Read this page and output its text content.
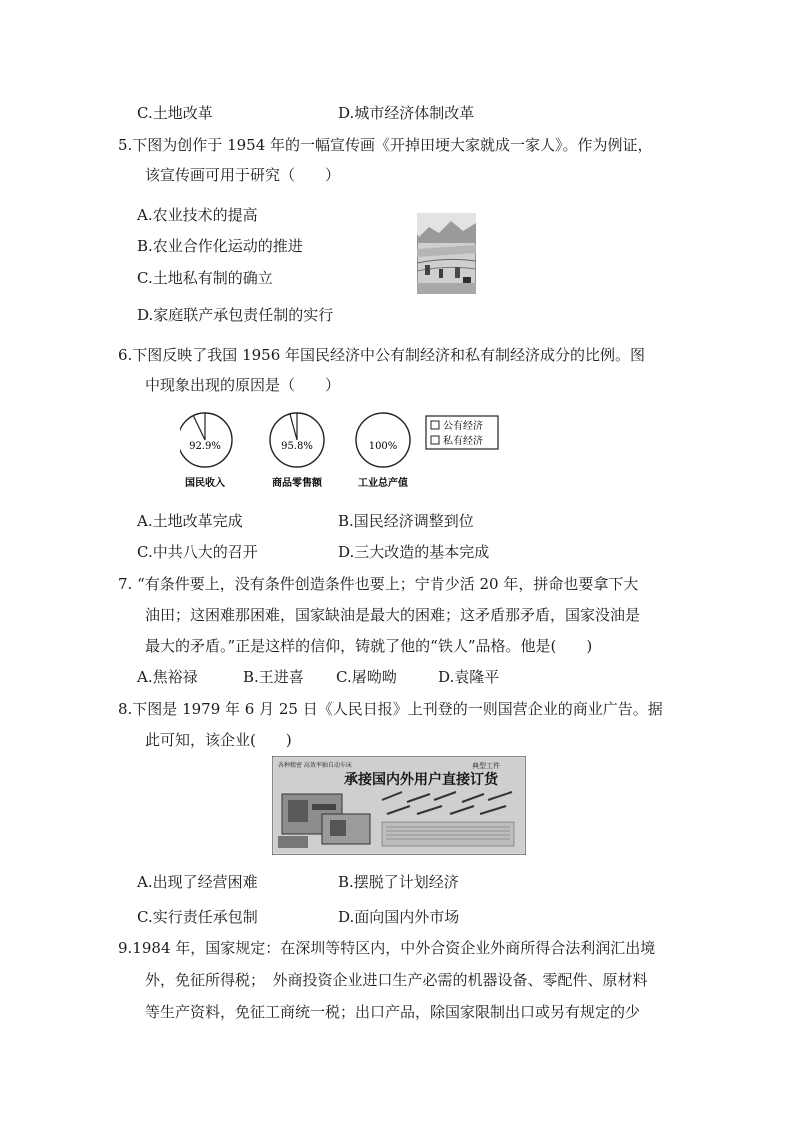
C.土地改革	D.城市经济体制改革
5.下图为创作于 1954 年的一幅宣传画《开掉田埂大家就成一家人》。作为例证，
该宣传画可用于研究（　　）
A.农业技术的提高
B.农业合作化运动的推进
C.土地私有制的确立
D.家庭联产承包责任制的实行
6.下图反映了我国 1956 年国民经济中公有制经济和私有制经济成分的比例。图
中现象出现的原因是（　　）
92.9%
国民收入
95.8%
商品零售额
100%
工业总产值
公有经济
私有经济
A.土地改革完成	B.国民经济调整到位
C.中共八大的召开	D.三大改造的基本完成
7. “有条件要上，没有条件创造条件也要上；宁肯少活 20 年，拼命也要拿下大
油田；这困难那困难，国家缺油是最大的困难；这矛盾那矛盾，国家没油是
最大的矛盾。”正是这样的信仰，铸就了他的“铁人”品格。他是(　　)
A.焦裕禄	B.王进喜 C.屠呦呦	D.袁隆平
8.下图是 1979 年 6 月 25 日《人民日报》上刊登的一则国营企业的商业广告。据
此可知，该企业(　　)
各种精密 高效率轴自动车床	典型工件
承接国内外用户直接订货
A.出现了经营困难	B.摆脱了计划经济
C.实行责任承包制	D.面向国内外市场
9.1984 年，国家规定：在深圳等特区内，中外合资企业外商所得合法利润汇出境
外，免征所得税；　外商投资企业进口生产必需的机器设备、零配件、原材料
等生产资料，免征工商统一税；出口产品，除国家限制出口或另有规定的少
